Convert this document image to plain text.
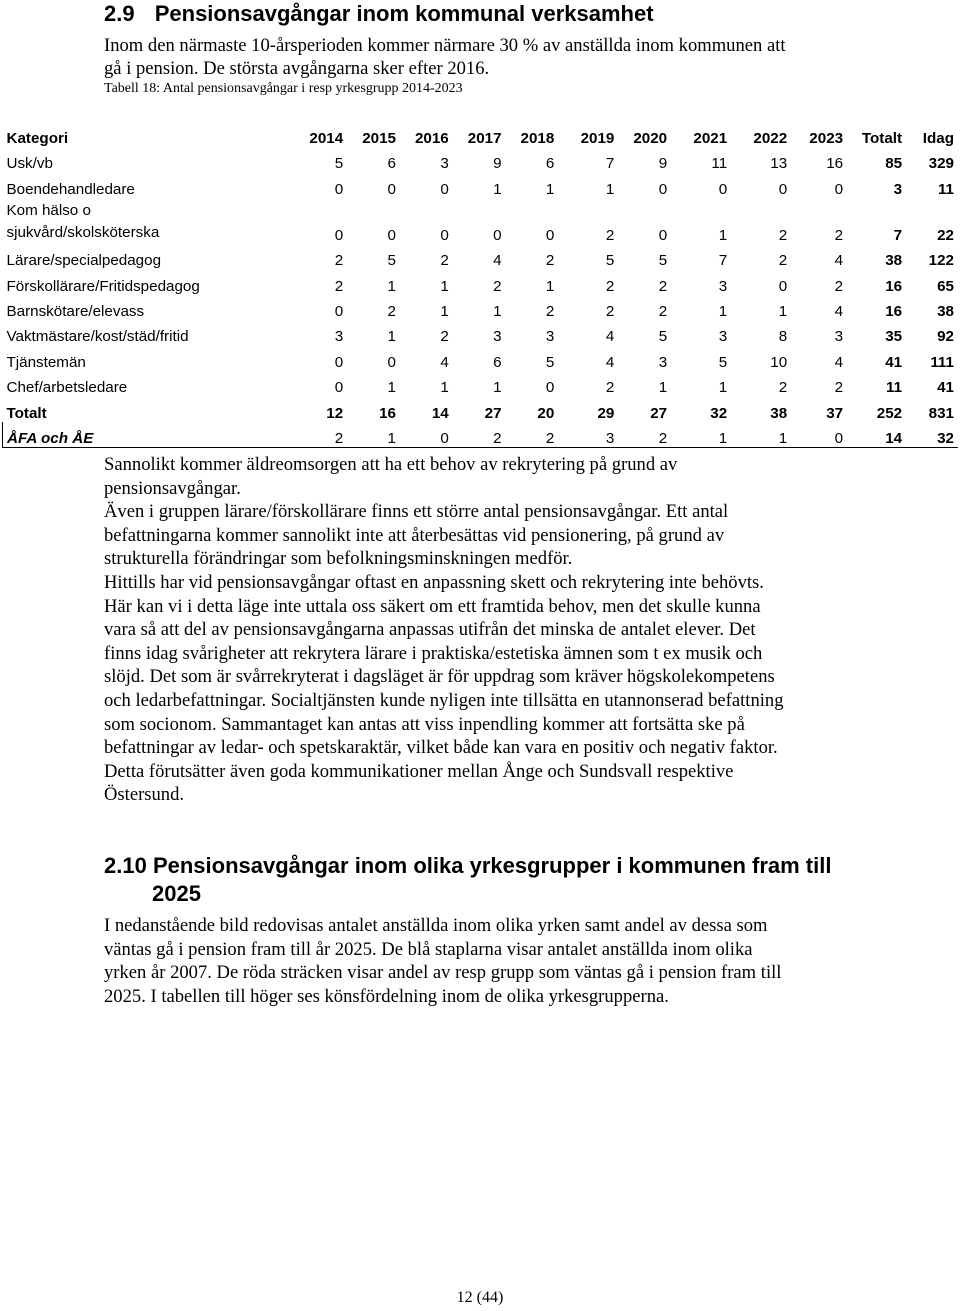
2.9 Pensionsavgångar inom kommunal verksamhet

Inom den närmaste 10-årsperioden kommer närmare 30 % av anställda inom kommunen att

gå i pension. De största avgångarna sker efter 2016.

Tabell 18: Antal pensionsavgångar i resp yrkesgrupp 2014-2023

Kategori	2014	2015	2016	2017	2018	2019	2020	2021	2022	2023	Totalt	Idag
Usk/vb	5	6	3	9	6	7	9	11	13	16	85	329
Boendehandledare	0	0	0	1	1	1	0	0	0	0	3	11
Kom hälso o sjukvård/skolsköterska	0	0	0	0	0	2	0	1	2	2	7	22
Lärare/specialpedagog	2	5	2	4	2	5	5	7	2	4	38	122
Förskollärare/Fritidspedagog	2	1	1	2	1	2	2	3	0	2	16	65
Barnskötare/elevass	0	2	1	1	2	2	2	1	1	4	16	38
Vaktmästare/kost/städ/fritid	3	1	2	3	3	4	5	3	8	3	35	92
Tjänstemän	0	0	4	6	5	4	3	5	10	4	41	111
Chef/arbetsledare	0	1	1	1	0	2	1	1	2	2	11	41
Totalt	12	16	14	27	20	29	27	32	38	37	252	831
ÅFA och ÅE	2	1	0	2	2	3	2	1	1	0	14	32

Sannolikt kommer äldreomsorgen att ha ett behov av rekrytering på grund av

pensionsavgångar.

Även i gruppen lärare/förskollärare finns ett större antal pensionsavgångar. Ett antal

befattningarna kommer sannolikt inte att återbesättas vid pensionering, på grund av

strukturella förändringar som befolkningsminskningen medför.

Hittills har vid pensionsavgångar oftast en anpassning skett och rekrytering inte behövts.

Här kan vi i detta läge inte uttala oss säkert om ett framtida behov, men det skulle kunna

vara så att del av pensionsavgångarna anpassas utifrån det minska de antalet elever. Det

finns idag svårigheter att rekrytera lärare i praktiska/estetiska ämnen som t ex musik och

slöjd. Det som är svårrekryterat i dagsläget är för uppdrag som kräver högskolekompetens

och ledarbefattningar. Socialtjänsten kunde nyligen inte tillsätta en utannonserad befattning

som socionom. Sammantaget kan antas att viss inpendling kommer att fortsätta ske på

befattningar av ledar- och spetskaraktär, vilket både kan vara en positiv och negativ faktor.

Detta förutsätter även goda kommunikationer mellan Ånge och Sundsvall respektive

Östersund.

2.10 Pensionsavgångar inom olika yrkesgrupper i kommunen fram till
2025

I nedanstående bild redovisas antalet anställda inom olika yrken samt andel av dessa som

väntas gå i pension fram till år 2025. De blå staplarna visar antalet anställda inom olika

yrken år 2007. De röda sträcken visar andel av resp grupp som väntas gå i pension fram till

2025. I tabellen till höger ses könsfördelning inom de olika yrkesgrupperna.

12 (44)
